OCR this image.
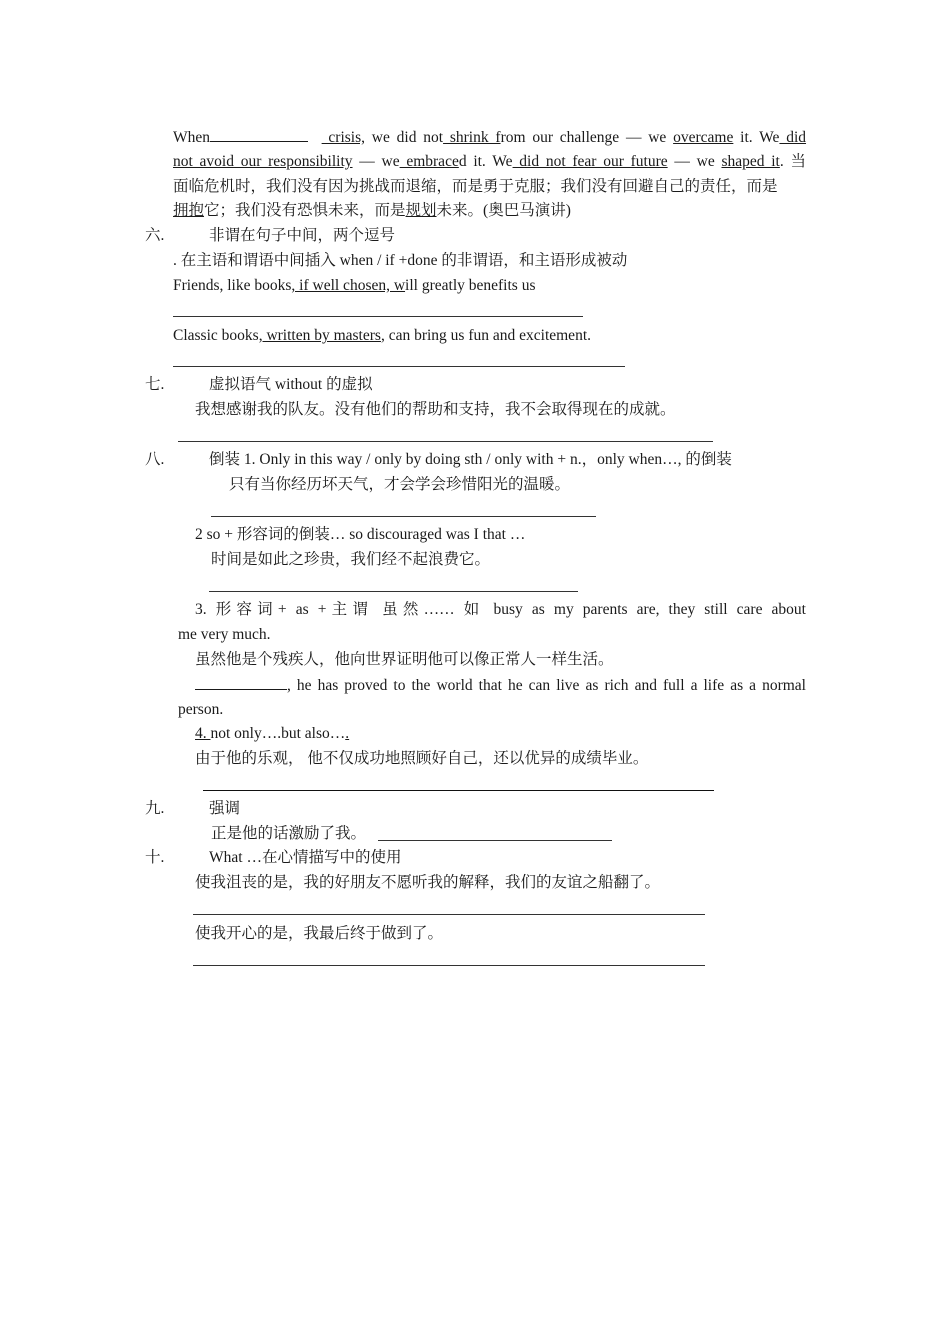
When	crisis, we did not shrink from our challenge — we overcame it. We did
not avoid our responsibility — we embraced it. We did not fear our future — we shaped it. 当
面临危机时，我们没有因为挑战而退缩，而是勇于克服；我们没有回避自己的责任，而是
拥抱它；我们没有恐惧未来，而是规划未来。(奥巴马演讲)
六.	非谓在句子中间，两个逗号
. 在主语和谓语中间插入 when / if +done 的非谓语，和主语形成被动
Friends, like books, if well chosen, will greatly benefits us
Classic books, written by masters, can bring us fun and excitement.
七.	虚拟语气 without 的虚拟
我想感谢我的队友。没有他们的帮助和支持，我不会取得现在的成就。
八.	倒装 1. Only in this way / only by doing sth / only with + n.，only when…, 的倒装
只有当你经历坏天气，才会学会珍惜阳光的温暖。
2 so + 形容词的倒装… so discouraged was I that …
时间是如此之珍贵，我们经不起浪费它。
3. 形容词+ as +主谓 虽然…… 如 busy as my parents are, they still care about
me very much.
虽然他是个残疾人，他向世界证明他可以像正常人一样生活。
, he has proved to the world that he can live as rich and full a life as a normal
person.
4. not only….but also….
由于他的乐观， 他不仅成功地照顾好自己，还以优异的成绩毕业。
九.	强调
正是他的话激励了我。
十.	What …在心情描写中的使用
使我沮丧的是，我的好朋友不愿听我的解释，我们的友谊之船翻了。
使我开心的是，我最后终于做到了。
